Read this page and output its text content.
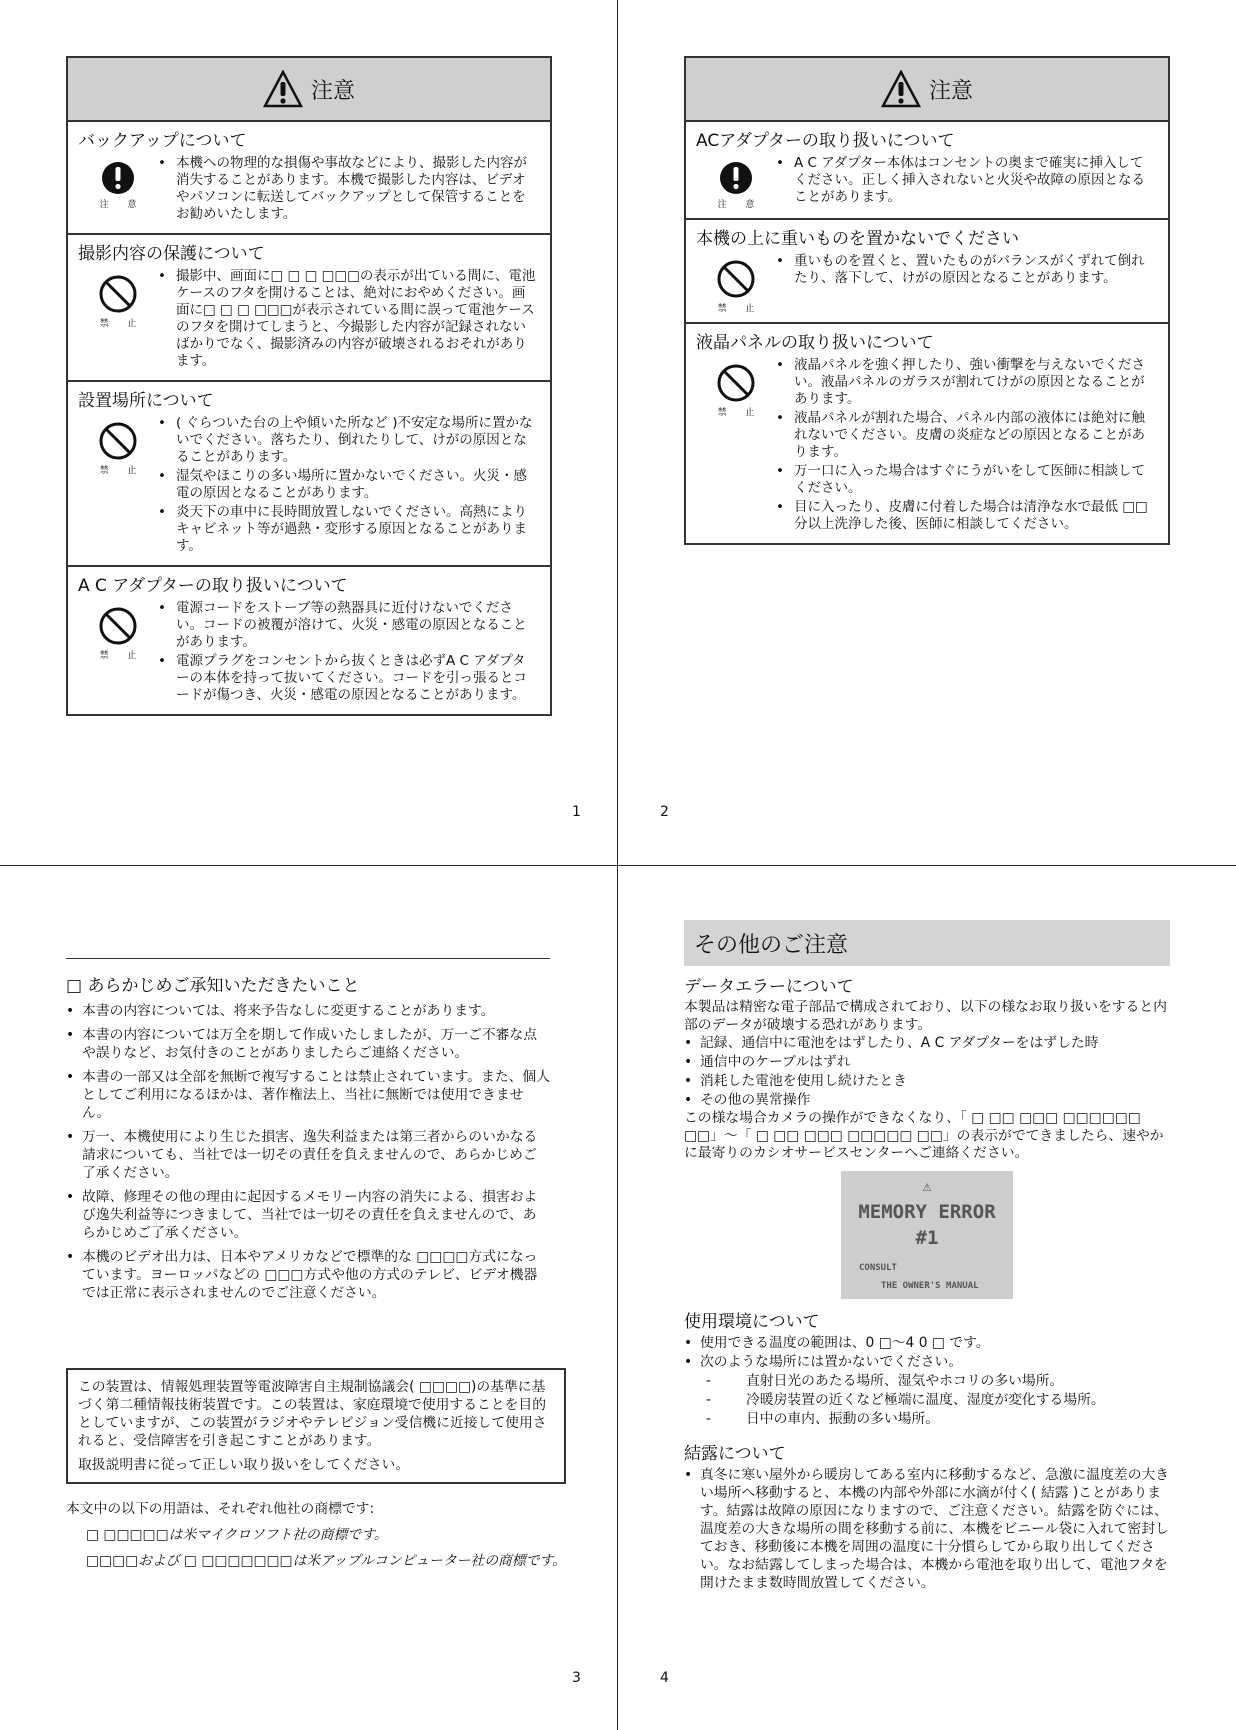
注意
バックアップについて
注 意
• 本機への物理的な損傷や事故などにより、撮影した内容が消失することがあります。本機で撮影した内容は、ビデオやパソコンに転送してバックアップとして保管することをお勧めいたします。
撮影内容の保護について
禁 止
• 撮影中、画面に□ □ □ □□□の表示が出ている間に、電池ケースのフタを開けることは、絶対におやめください。画面に□ □ □ □□□が表示されている間に誤って電池ケースのフタを開けてしまうと、今撮影した内容が記録されないばかりでなく、撮影済みの内容が破壊されるおそれがあります。
設置場所について
禁 止
• ( ぐらついた台の上や傾いた所など )不安定な場所に置かないでください。落ちたり、倒れたりして、けがの原因となることがあります。
• 湿気やほこりの多い場所に置かないでください。火災・感電の原因となることがあります。
• 炎天下の車中に長時間放置しないでください。高熱によりキャビネット等が過熱・変形する原因となることがあります。
A C アダプターの取り扱いについて
禁 止
• 電源コードをストーブ等の熱器具に近付けないでください。コードの被覆が溶けて、火災・感電の原因となることがあります。
• 電源プラグをコンセントから抜くときは必ずA C アダプターの本体を持って抜いてください。コードを引っ張るとコードが傷つき、火災・感電の原因となることがあります。
1
注意
ACアダプターの取り扱いについて
注 意
• A C アダプター本体はコンセントの奥まで確実に挿入してください。正しく挿入されないと火災や故障の原因となることがあります。
本機の上に重いものを置かないでください
禁 止
• 重いものを置くと、置いたものがバランスがくずれて倒れたり、落下して、けがの原因となることがあります。
液晶パネルの取り扱いについて
禁 止
• 液晶パネルを強く押したり、強い衝撃を与えないでください。液晶パネルのガラスが割れてけがの原因となることがあります。
• 液晶パネルが割れた場合、パネル内部の液体には絶対に触れないでください。皮膚の炎症などの原因となることがあります。
• 万一口に入った場合はすぐにうがいをして医師に相談してください。
• 目に入ったり、皮膚に付着した場合は清浄な水で最低 □□分以上洗浄した後、医師に相談してください。
2
□ あらかじめご承知いただきたいこと
• 本書の内容については、将来予告なしに変更することがあります。
• 本書の内容については万全を期して作成いたしましたが、万一ご不審な点や誤りなど、お気付きのことがありましたらご連絡ください。
• 本書の一部又は全部を無断で複写することは禁止されています。また、個人としてご利用になるほかは、著作権法上、当社に無断では使用できません。
• 万一、本機使用により生じた損害、逸失利益または第三者からのいかなる請求についても、当社では一切その責任を負えませんので、あらかじめご了承ください。
• 故障、修理その他の理由に起因するメモリー内容の消失による、損害および逸失利益等につきまして、当社では一切その責任を負えませんので、あらかじめご了承ください。
• 本機のビデオ出力は、日本やアメリカなどで標準的な □□□□方式になっています。ヨーロッパなどの □□□方式や他の方式のテレビ、ビデオ機器では正常に表示されませんのでご注意ください。

この装置は、情報処理装置等電波障害自主規制協議会( □□□□)の基準に基づく第二種情報技術装置です。この装置は、家庭環境で使用することを目的としていますが、この装置がラジオやテレビジョン受信機に近接して使用されると、受信障害を引き起こすことがあります。

取扱説明書に従って正しい取り扱いをしてください。

本文中の以下の用語は、それぞれ他社の商標です:
□ □□□□□は米マイクロソフト社の商標です。
□□□□および □ □□□□□□□は米アップルコンピューター社の商標です。
3
その他のご注意
データエラーについて

本製品は精密な電子部品で構成されており、以下の様なお取り扱いをすると内部のデータが破壊する恐れがあります。

• 記録、通信中に電池をはずしたり、A C アダプターをはずした時
• 通信中のケーブルはずれ
• 消耗した電池を使用し続けたとき
• その他の異常操作

この様な場合カメラの操作ができなくなり、「 □ □□ □□□ □□□□□□ □□」〜「 □ □□ □□□ □□□□□ □□」の表示がでてきましたら、速やかに最寄りのカシオサービスセンターへご連絡ください。

⚠
MEMORY ERROR
#1
CONSULT
THE OWNER'S MANUAL
使用環境について
• 使用できる温度の範囲は、0 □〜4 0 □ です。
• 次のような場所には置かないでください。
-	直射日光のあたる場所、湿気やホコリの多い場所。
-	冷暖房装置の近くなど極端に温度、湿度が変化する場所。
-	日中の車内、振動の多い場所。
結露について
• 真冬に寒い屋外から暖房してある室内に移動するなど、急激に温度差の大きい場所へ移動すると、本機の内部や外部に水滴が付く( 結露 )ことがあります。結露は故障の原因になりますので、ご注意ください。結露を防ぐには、温度差の大きな場所の間を移動する前に、本機をビニール袋に入れて密封しておき、移動後に本機を周囲の温度に十分慣らしてから取り出してください。なお結露してしまった場合は、本機から電池を取り出して、電池フタを開けたまま数時間放置してください。
4
